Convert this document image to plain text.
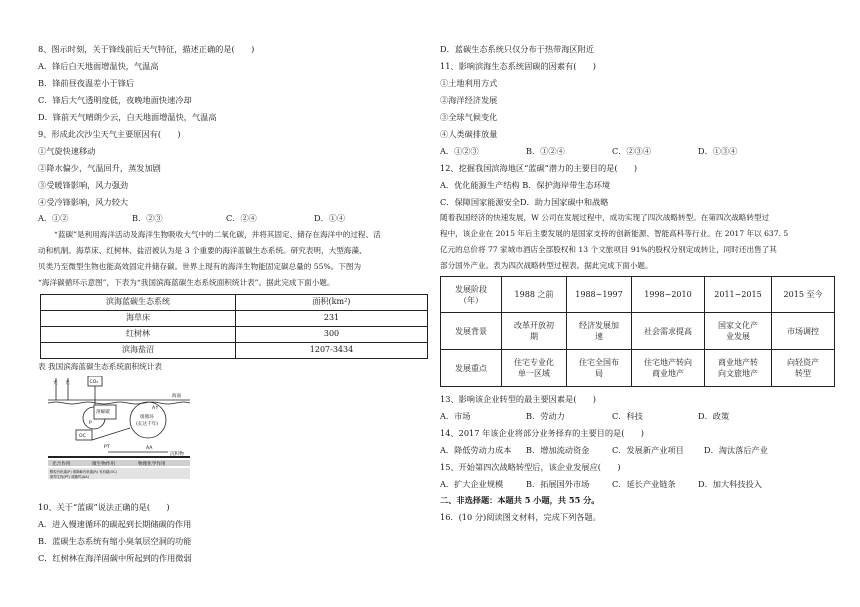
8、图示时刻，关于锋线前后天气特征，描述正确的是(　　)
A．锋后白天地面增温快，气温高
B．锋前昼夜温差小于锋后
C．锋后大气透明度低，夜晚地面快速冷却
D．锋前天气晴朗少云，白天地面增温快，气温高
9、形成此次沙尘天气主要原因有(　　)
①气旋快速移动
②降水偏少，气温回升，蒸发加剧
③受暖锋影响，风力强劲
④受冷锋影响，风力较大
A．①②	B．②③	C．②④	D．①④
“蓝碳”是利用海洋活动及海洋生物吸收大气中的二氧化碳，并将其固定、储存在海洋中的过程、活
动和机制。海草床、红树林、盐沼被认为是 3 个重要的海洋蓝碳生态系统。研究表明，大型海藻、
贝类乃至微型生物也能高效固定并储存碳。世界上现有的海洋生物能固定碳总量的 55%。下图为
“海洋碳循环示意图”，下表为“我国滨海蓝碳生态系统面积统计表”。据此完成下面小题。
滨海蓝碳生态系统	面积(km²)
海草床	231
红树林	300
滨海盐沼	1207-3434
表 我国滨海蓝碳生态系统面积统计表
光 光	CO₂
海面
溶解碳
P
OC
缓循环
(长达千年)
A↑
PT	AA
沉积物
光合作用	微生物作用	物理化学作用
颗粒有机碳(P) 难降解有机碳(R) 有机碳(OC)
微型生物(PT) 碳酸钙(AA)
10、关于“蓝碳”说法正确的是(　　)
A．进入慢速循环的碳起到长期储碳的作用
B．蓝碳生态系统有缩小臭氧层空洞的功能
C．红树林在海洋固碳中所起到的作用微弱
D．蓝碳生态系统只仅分布于热带海区附近
11、影响滨海生态系统固碳的因素有(　　)
①土地利用方式
②海洋经济发展
③全球气候变化
④人类碳排放量
A．①②③	B．①②④	C．②③④	D．①③④
12、挖掘我国滨海地区“蓝碳”潜力的主要目的是(　　)
A．优化能源生产结构 B．保护海岸带生态环境
C．保障国家能源安全D．助力国家碳中和战略
随着我国经济的快速发展，W 公司在发展过程中，成功实现了四次战略转型。在第四次战略转型过
程中，该企业在 2015 年后主要发展的是国家支持的创新能源、智能高科等行业。在 2017 年以 637. 5
亿元的总价将 77 家城市酒店全部股权和 13 个文旅项目 91%的股权分别定成转让，同时还出售了其
部分国外产业。表为四次战略转型过程表。据此完成下面小题。
发展阶段
（年）	1988 之前	1988~1997	1998~2010	2011~2015	2015 至今
发展背景	改革开放初
期	经济发展加
速	社会需求提高	国家文化产
业发展	市场调控
发展重点	住宅专业化
单一区域	住宅全国布
局	住宅地产转向
商业地产	商业地产转
向文旅地产	向轻资产
转型
13、影响该企业转型的最主要因素是(　　)
A．市场	B．劳动力	C．科技	D．政策
14、2017 年该企业将部分业务择弃的主要目的是(　　)
A．降低劳动力成本 B．增加流动资金	C．发展新产业项目 D．淘汰落后产业
15、开始第四次战略转型后，该企业发展应(　　)
A．扩大企业规模	B．拓展国外市场	C．延长产业链条	D．加大科技投入
二、非选择题：本题共 5 小题，共 55 分。
16．(10 分)阅读图文材料，完成下列各题。
